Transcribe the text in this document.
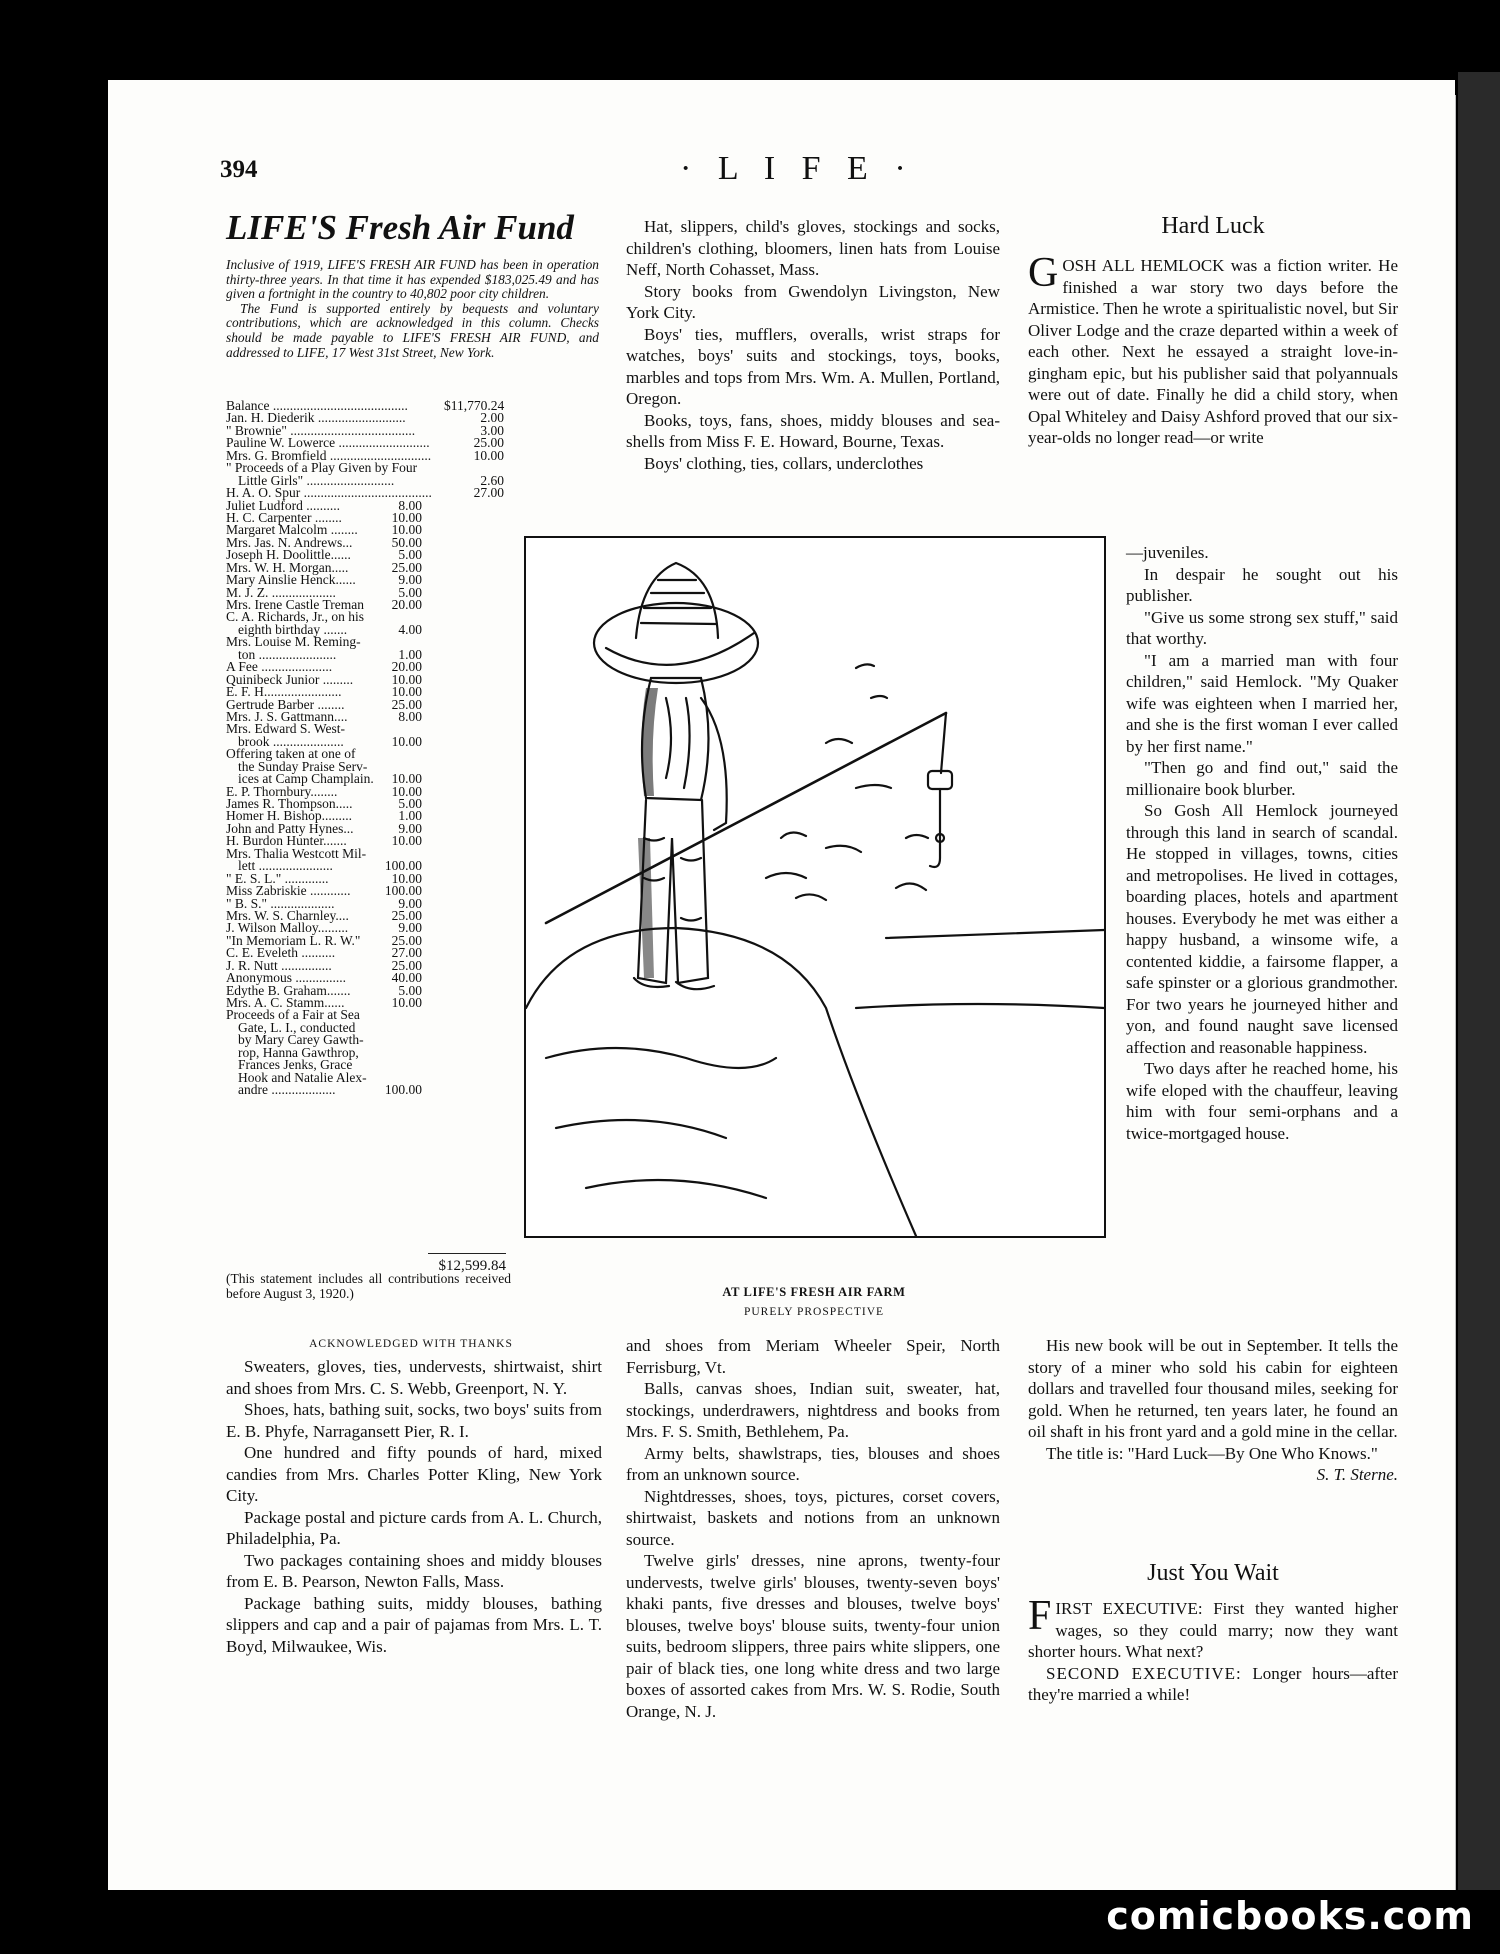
comicbooks.com
394	· L I F E ·
LIFE'S Fresh Air Fund

Inclusive of 1919, LIFE'S FRESH AIR FUND has been in operation thirty-three years. In that time it has expended $183,025.49 and has given a fortnight in the country to 40,802 poor city children.

The Fund is supported entirely by bequests and voluntary contributions, which are acknowledged in this column. Checks should be made payable to LIFE'S FRESH AIR FUND, and addressed to LIFE, 17 West 31st Street, New York.

Balance ........................................	$11,770.24
Jan. H. Diederik ..........................	2.00
" Brownie" .....................................	3.00
Pauline W. Lowerce ...........................	25.00
Mrs. G. Bromfield ..............................	10.00
" Proceeds of a Play Given by Four
Little Girls" ..........................	2.60
H. A. O. Spur ......................................	27.00
Juliet Ludford ..........	8.00
H. C. Carpenter ........	10.00
Margaret Malcolm ........	10.00
Mrs. Jas. N. Andrews...	50.00
Joseph H. Doolittle......	5.00
Mrs. W. H. Morgan.....	25.00
Mary Ainslie Henck......	9.00
M. J. Z. ...................	5.00
Mrs. Irene Castle Treman	20.00
C. A. Richards, Jr., on his
eighth birthday .......	4.00
Mrs. Louise M. Reming-
ton .......................	1.00
A Fee .....................	20.00
Quinibeck Junior .........	10.00
E. F. H.......................	10.00
Gertrude Barber ........	25.00
Mrs. J. S. Gattmann....	8.00
Mrs. Edward S. West-
brook .....................	10.00
Offering taken at one of
the Sunday Praise Serv-
ices at Camp Champlain.	10.00
E. P. Thornbury........	10.00
James R. Thompson.....	5.00
Homer H. Bishop.........	1.00
John and Patty Hynes...	9.00
H. Burdon Hunter.......	10.00
Mrs. Thalia Westcott Mil-
lett ......................	100.00
" E. S. L." .............	10.00
Miss Zabriskie ............	100.00
" B. S." ...................	9.00
Mrs. W. S. Charnley....	25.00
J. Wilson Malloy.........	9.00
"In Memoriam L. R. W."	25.00
C. E. Eveleth ..........	27.00
J. R. Nutt ...............	25.00
Anonymous ...............	40.00
Edythe B. Graham.......	5.00
Mrs. A. C. Stamm......	10.00
Proceeds of a Fair at Sea
Gate, L. I., conducted
by Mary Carey Gawth-
rop, Hanna Gawthrop,
Frances Jenks, Grace
Hook and Natalie Alex-
andre ...................	100.00
$12,599.84
(This statement includes all contributions received before August 3, 1920.)
ACKNOWLEDGED WITH THANKS

Sweaters, gloves, ties, undervests, shirtwaist, shirt and shoes from Mrs. C. S. Webb, Greenport, N. Y.

Shoes, hats, bathing suit, socks, two boys' suits from E. B. Phyfe, Narragansett Pier, R. I.

One hundred and fifty pounds of hard, mixed candies from Mrs. Charles Potter Kling, New York City.

Package postal and picture cards from A. L. Church, Philadelphia, Pa.

Two packages containing shoes and middy blouses from E. B. Pearson, Newton Falls, Mass.

Package bathing suits, middy blouses, bathing slippers and cap and a pair of pajamas from Mrs. L. T. Boyd, Milwaukee, Wis.

Hat, slippers, child's gloves, stockings and socks, children's clothing, bloomers, linen hats from Louise Neff, North Cohasset, Mass.

Story books from Gwendolyn Livingston, New York City.

Boys' ties, mufflers, overalls, wrist straps for watches, boys' suits and stockings, toys, books, marbles and tops from Mrs. Wm. A. Mullen, Portland, Oregon.

Books, toys, fans, shoes, middy blouses and sea-shells from Miss F. E. Howard, Bourne, Texas.

Boys' clothing, ties, collars, underclothes

AT LIFE'S FRESH AIR FARM
PURELY PROSPECTIVE

and shoes from Meriam Wheeler Speir, North Ferrisburg, Vt.

Balls, canvas shoes, Indian suit, sweater, hat, stockings, underdrawers, nightdress and books from Mrs. F. S. Smith, Bethlehem, Pa.

Army belts, shawlstraps, ties, blouses and shoes from an unknown source.

Nightdresses, shoes, toys, pictures, corset covers, shirtwaist, baskets and notions from an unknown source.

Twelve girls' dresses, nine aprons, twenty-four undervests, twelve girls' blouses, twenty-seven boys' khaki pants, five dresses and blouses, twelve boys' blouses, twelve boys' blouse suits, twenty-four union suits, bedroom slippers, three pairs white slippers, one pair of black ties, one long white dress and two large boxes of assorted cakes from Mrs. W. S. Rodie, South Orange, N. J.

Hard Luck

GOSH ALL HEMLOCK was a fiction writer. He finished a war story two days before the Armistice. Then he wrote a spiritualistic novel, but Sir Oliver Lodge and the craze departed within a week of each other. Next he essayed a straight love-in-gingham epic, but his publisher said that polyannuals were out of date. Finally he did a child story, when Opal Whiteley and Daisy Ashford proved that our six-year-olds no longer read—or write

—juveniles.

In despair he sought out his publisher.

"Give us some strong sex stuff," said that worthy.

"I am a married man with four children," said Hemlock. "My Quaker wife was eighteen when I married her, and she is the first woman I ever called by her first name."

"Then go and find out," said the millionaire book blurber.

So Gosh All Hemlock journeyed through this land in search of scandal. He stopped in villages, towns, cities and metropolises. He lived in cottages, boarding places, hotels and apartment houses. Everybody he met was either a happy husband, a winsome wife, a contented kiddie, a fairsome flapper, a safe spinster or a glorious grandmother. For two years he journeyed hither and yon, and found naught save licensed affection and reasonable happiness.

Two days after he reached home, his wife eloped with the chauffeur, leaving him with four semi-orphans and a twice-mortgaged house.

His new book will be out in September. It tells the story of a miner who sold his cabin for eighteen dollars and travelled four thousand miles, seeking for gold. When he returned, ten years later, he found an oil shaft in his front yard and a gold mine in the cellar.

The title is: "Hard Luck—By One Who Knows."
S. T. Sterne.

Just You Wait

FIRST EXECUTIVE: First they wanted higher wages, so they could marry; now they want shorter hours. What next?

SECOND EXECUTIVE: Longer hours—after they're married a while!
